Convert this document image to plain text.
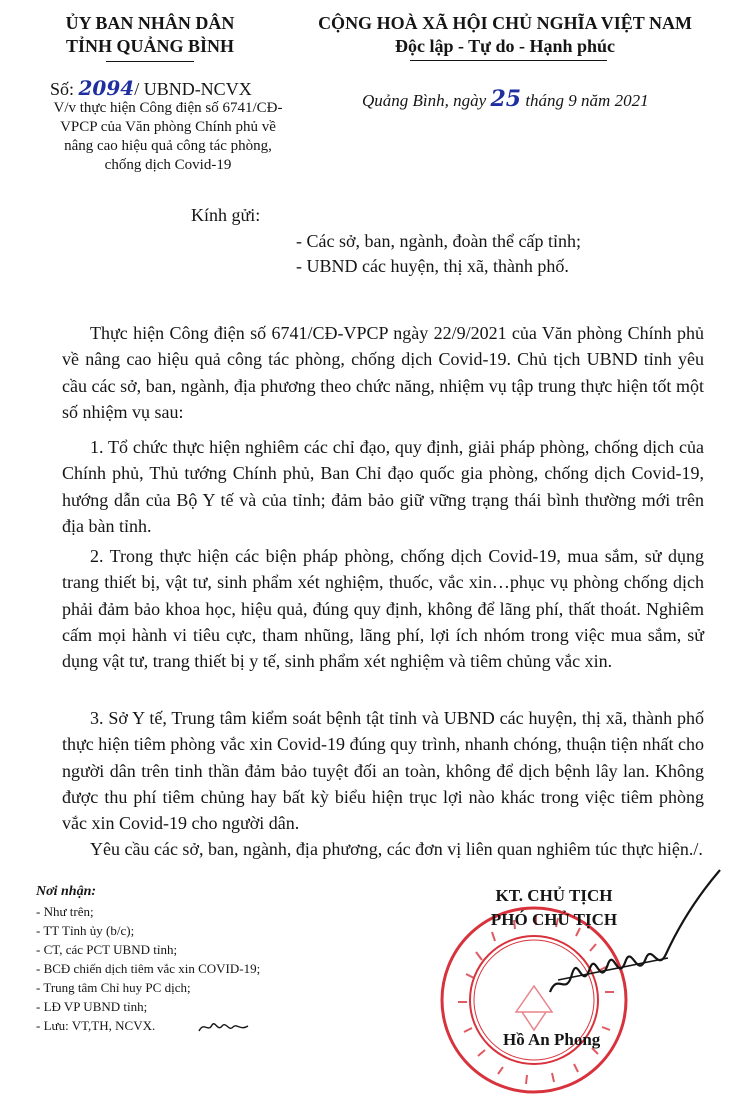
ỦY BAN NHÂN DÂN
TỈNH QUẢNG BÌNH
CỘNG HOÀ XÃ HỘI CHỦ NGHĨA VIỆT NAM
Độc lập - Tự do - Hạnh phúc
Số: 2094/ UBND-NCVX
V/v thực hiện Công điện số 6741/CĐ-
VPCP của Văn phòng Chính phủ về
nâng cao hiệu quả công tác phòng,
chống dịch Covid-19
Quảng Bình, ngày 25 tháng 9 năm 2021
Kính gửi:
- Các sở, ban, ngành, đoàn thể cấp tỉnh;
- UBND các huyện, thị xã, thành phố.

Thực hiện Công điện số 6741/CĐ-VPCP ngày 22/9/2021 của Văn phòng Chính phủ về nâng cao hiệu quả công tác phòng, chống dịch Covid-19. Chủ tịch UBND tỉnh yêu cầu các sở, ban, ngành, địa phương theo chức năng, nhiệm vụ tập trung thực hiện tốt một số nhiệm vụ sau:

1. Tổ chức thực hiện nghiêm các chỉ đạo, quy định, giải pháp phòng, chống dịch của Chính phủ, Thủ tướng Chính phủ, Ban Chỉ đạo quốc gia phòng, chống dịch Covid-19, hướng dẫn của Bộ Y tế và của tỉnh; đảm bảo giữ vững trạng thái bình thường mới trên địa bàn tỉnh.

2. Trong thực hiện các biện pháp phòng, chống dịch Covid-19, mua sắm, sử dụng trang thiết bị, vật tư, sinh phẩm xét nghiệm, thuốc, vắc xin…phục vụ phòng chống dịch phải đảm bảo khoa học, hiệu quả, đúng quy định, không để lãng phí, thất thoát. Nghiêm cấm mọi hành vi tiêu cực, tham nhũng, lãng phí, lợi ích nhóm trong việc mua sắm, sử dụng vật tư, trang thiết bị y tế, sinh phẩm xét nghiệm và tiêm chủng vắc xin.

3. Sở Y tế, Trung tâm kiểm soát bệnh tật tỉnh và UBND các huyện, thị xã, thành phố thực hiện tiêm phòng vắc xin Covid-19 đúng quy trình, nhanh chóng, thuận tiện nhất cho người dân trên tinh thần đảm bảo tuyệt đối an toàn, không để dịch bệnh lây lan. Không được thu phí tiêm chủng hay bất kỳ biểu hiện trục lợi nào khác trong việc tiêm phòng vắc xin Covid-19 cho người dân.

Yêu cầu các sở, ban, ngành, địa phương, các đơn vị liên quan nghiêm túc thực hiện./.

Nơi nhận:
- Như trên;
- TT Tỉnh ủy (b/c);
- CT, các PCT UBND tỉnh;
- BCĐ chiến dịch tiêm vắc xin COVID-19;
- Trung tâm Chỉ huy PC dịch;
- LĐ VP UBND tỉnh;
- Lưu: VT,TH, NCVX.
KT. CHỦ TỊCH
PHÓ CHỦ TỊCH
Hồ An Phong
